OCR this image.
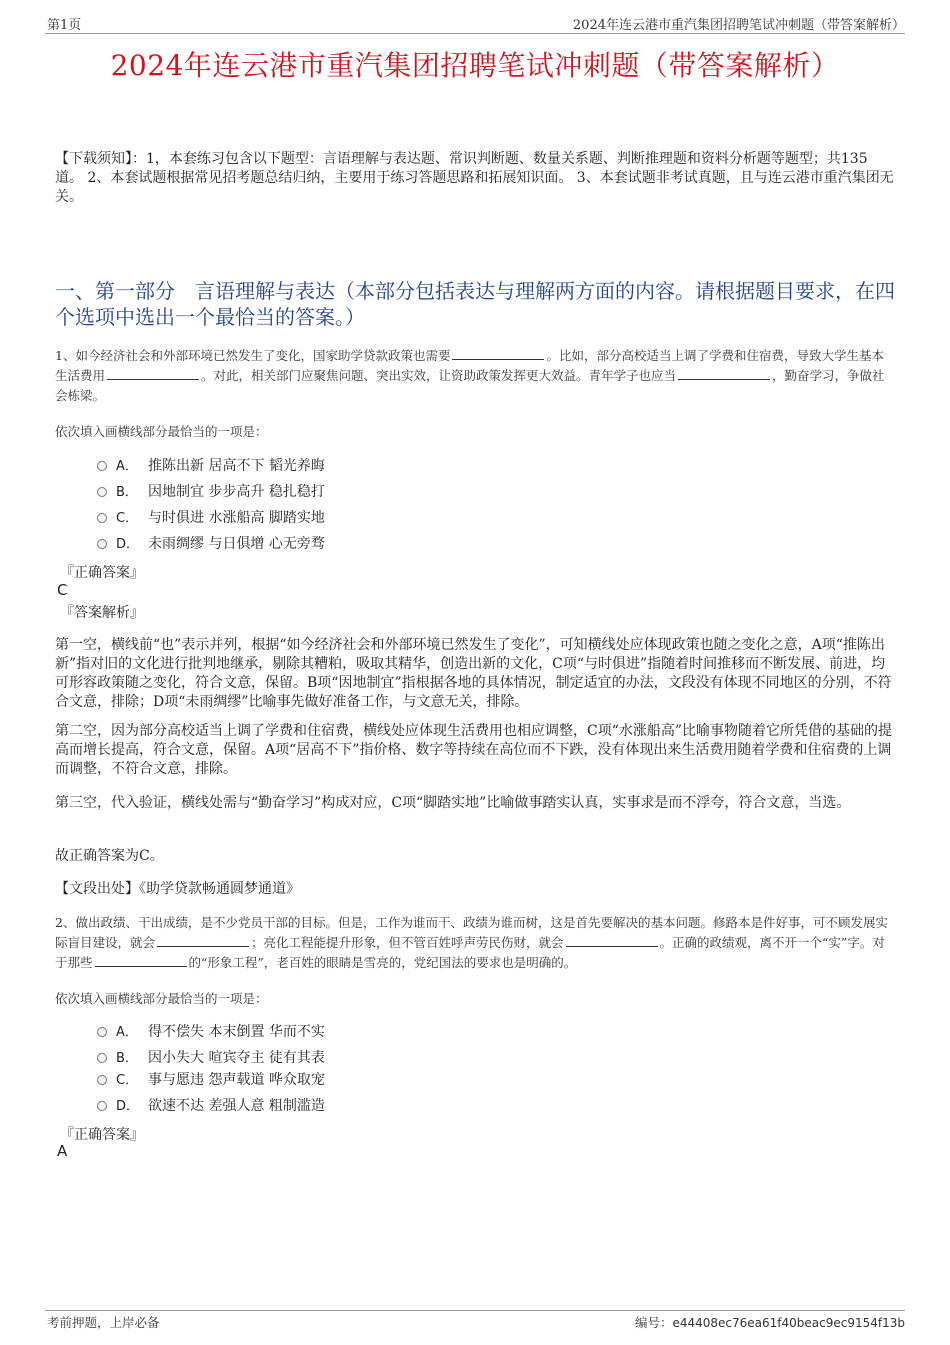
第1页	2024年连云港市重汽集团招聘笔试冲刺题（带答案解析）
2024年连云港市重汽集团招聘笔试冲刺题（带答案解析）
【下载须知】：1，本套练习包含以下题型：言语理解与表达题、常识判断题、数量关系题、判断推理题和资料分析题等题型；共135道。 2、本套试题根据常见招考题总结归纳，主要用于练习答题思路和拓展知识面。 3、本套试题非考试真题，且与连云港市重汽集团无关。
一、第一部分　言语理解与表达（本部分包括表达与理解两方面的内容。请根据题目要求，在四个选项中选出一个最恰当的答案。）
1、如今经济社会和外部环境已然发生了变化，国家助学贷款政策也需要	。比如，部分高校适当上调了学费和住宿费，导致大学生基本生活费用	。对此，相关部门应聚焦问题、突出实效，让资助政策发挥更大效益。青年学子也应当	，勤奋学习，争做社会栋梁。
依次填入画横线部分最恰当的一项是：
A． 推陈出新 居高不下 韬光养晦
B． 因地制宜 步步高升 稳扎稳打
C． 与时俱进 水涨船高 脚踏实地
D． 未雨绸缪 与日俱增 心无旁骛
『正确答案』
C
『答案解析』
第一空，横线前“也”表示并列，根据“如今经济社会和外部环境已然发生了变化”，可知横线处应体现政策也随之变化之意，A项“推陈出新”指对旧的文化进行批判地继承，剔除其糟粕，吸取其精华，创造出新的文化，C项“与时俱进”指随着时间推移而不断发展、前进，均可形容政策随之变化，符合文意，保留。B项“因地制宜”指根据各地的具体情况，制定适宜的办法，文段没有体现不同地区的分别，不符合文意，排除；D项“未雨绸缪”比喻事先做好准备工作，与文意无关，排除。
第二空，因为部分高校适当上调了学费和住宿费，横线处应体现生活费用也相应调整，C项“水涨船高”比喻事物随着它所凭借的基础的提高而增长提高，符合文意，保留。A项“居高不下”指价格、数字等持续在高位而不下跌，没有体现出来生活费用随着学费和住宿费的上调而调整，不符合文意，排除。
第三空，代入验证，横线处需与“勤奋学习”构成对应，C项“脚踏实地”比喻做事踏实认真，实事求是而不浮夸，符合文意，当选。
故正确答案为C。
【文段出处】《助学贷款畅通圆梦通道》
2、做出政绩、干出成绩，是不少党员干部的目标。但是，工作为谁而干、政绩为谁而树，这是首先要解决的基本问题。修路本是件好事，可不顾发展实际盲目建设，就会	；亮化工程能提升形象，但不管百姓呼声劳民伤财，就会	。正确的政绩观，离不开一个“实”字。对于那些	的“形象工程”，老百姓的眼睛是雪亮的，党纪国法的要求也是明确的。
依次填入画横线部分最恰当的一项是：
A． 得不偿失 本末倒置 华而不实
B． 因小失大 喧宾夺主 徒有其表
C． 事与愿违 怨声载道 哗众取宠
D． 欲速不达 差强人意 粗制滥造
『正确答案』
A
考前押题，上岸必备	编号：e44408ec76ea61f40beac9ec9154f13b
